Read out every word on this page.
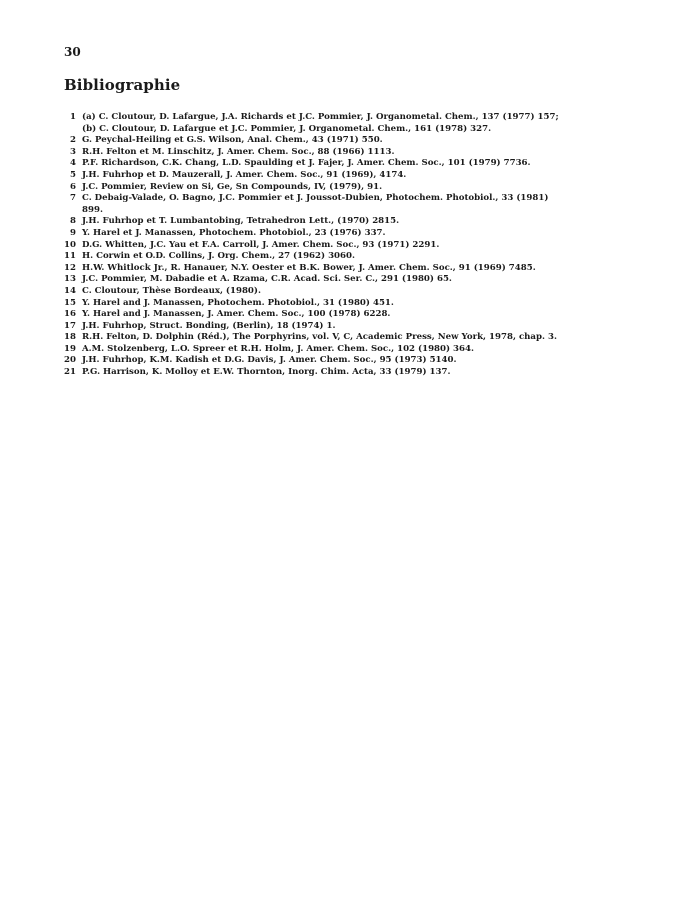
30
Bibliographie
1 (a) C. Cloutour, D. Lafargue, J.A. Richards et J.C. Pommier, J. Organometal. Chem., 137 (1977) 157;
(b) C. Cloutour, D. Lafargue et J.C. Pommier, J. Organometal. Chem., 161 (1978) 327.
2 G. Peychal-Heiling et G.S. Wilson, Anal. Chem., 43 (1971) 550.
3 R.H. Felton et M. Linschitz, J. Amer. Chem. Soc., 88 (1966) 1113.
4 P.F. Richardson, C.K. Chang, L.D. Spaulding et J. Fajer, J. Amer. Chem. Soc., 101 (1979) 7736.
5 J.H. Fuhrhop et D. Mauzerall, J. Amer. Chem. Soc., 91 (1969), 4174.
6 J.C. Pommier, Review on Si, Ge, Sn Compounds, IV, (1979), 91.
7 C. Debaig-Valade, O. Bagno, J.C. Pommier et J. Joussot-Dubien, Photochem. Photobiol., 33 (1981)
899.
8 J.H. Fuhrhop et T. Lumbantobing, Tetrahedron Lett., (1970) 2815.
9 Y. Harel et J. Manassen, Photochem. Photobiol., 23 (1976) 337.
10 D.G. Whitten, J.C. Yau et F.A. Carroll, J. Amer. Chem. Soc., 93 (1971) 2291.
11 H. Corwin et O.D. Collins, J. Org. Chem., 27 (1962) 3060.
12 H.W. Whitlock Jr., R. Hanauer, N.Y. Oester et B.K. Bower, J. Amer. Chem. Soc., 91 (1969) 7485.
13 J.C. Pommier, M. Dabadie et A. Rzama, C.R. Acad. Sci. Ser. C., 291 (1980) 65.
14 C. Cloutour, Thèse Bordeaux, (1980).
15 Y. Harel and J. Manassen, Photochem. Photobiol., 31 (1980) 451.
16 Y. Harel and J. Manassen, J. Amer. Chem. Soc., 100 (1978) 6228.
17 J.H. Fuhrhop, Struct. Bonding, (Berlin), 18 (1974) 1.
18 R.H. Felton, D. Dolphin (Réd.), The Porphyrins, vol. V, C, Academic Press, New York, 1978, chap. 3.
19 A.M. Stolzenberg, L.O. Spreer et R.H. Holm, J. Amer. Chem. Soc., 102 (1980) 364.
20 J.H. Fuhrhop, K.M. Kadish et D.G. Davis, J. Amer. Chem. Soc., 95 (1973) 5140.
21 P.G. Harrison, K. Molloy et E.W. Thornton, Inorg. Chim. Acta, 33 (1979) 137.
